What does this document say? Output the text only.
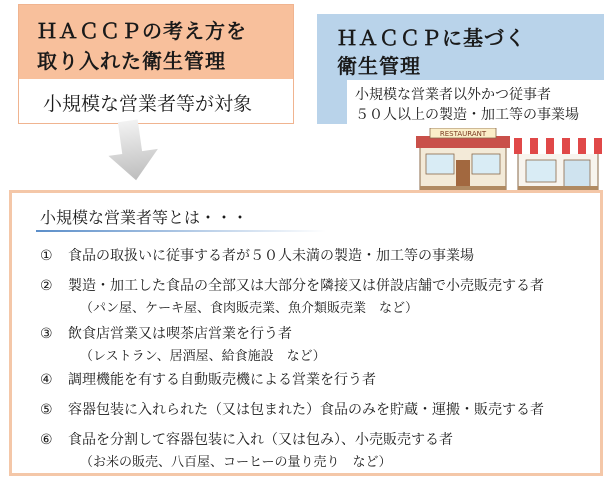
ＨＡＣＣＰの考え方を
取り入れた衛生管理
小規模な営業者等が対象
ＨＡＣＣＰに基づく
衛生管理
小規模な営業者以外かつ従事者
５０人以上の製造・加工等の事業場
RESTAURANT
小規模な営業者等とは・・・
① 食品の取扱いに従事する者が５０人未満の製造・加工等の事業場
② 製造・加工した食品の全部又は大部分を隣接又は併設店舗で小売販売する者
（パン屋、ケーキ屋、食肉販売業、魚介類販売業　など）
③ 飲食店営業又は喫茶店営業を行う者
（レストラン、居酒屋、給食施設　など）
④ 調理機能を有する自動販売機による営業を行う者
⑤ 容器包装に入れられた（又は包まれた）食品のみを貯蔵・運搬・販売する者
⑥ 食品を分割して容器包装に入れ（又は包み）、小売販売する者
（お米の販売、八百屋、コーヒーの量り売り　など）
